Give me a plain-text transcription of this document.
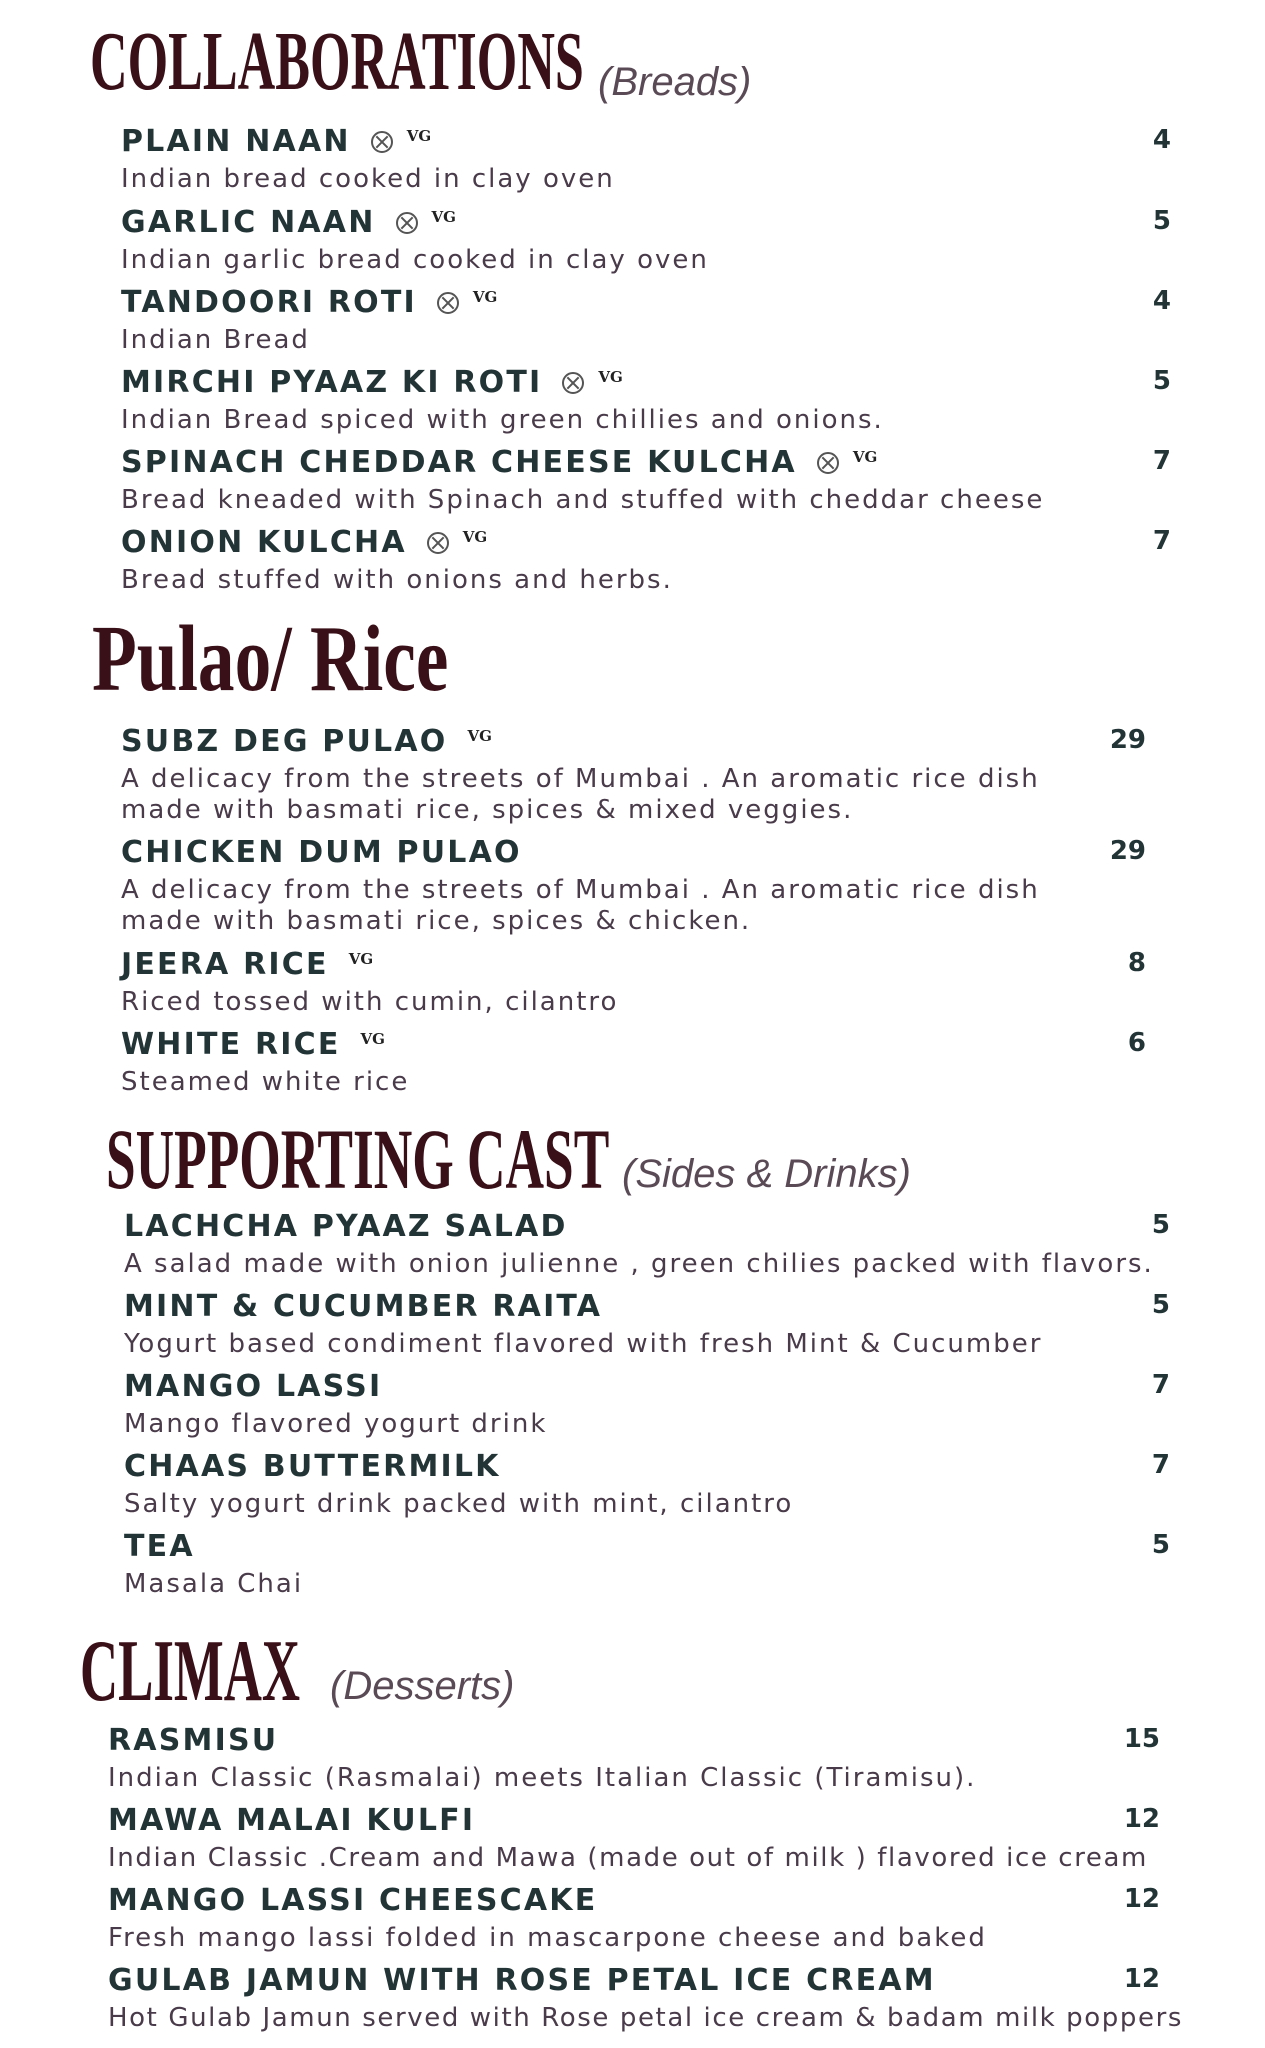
COLLABORATIONS (Breads)
PLAIN NAAN	VG
Indian bread cooked in clay oven
4
GARLIC NAAN	VG
Indian garlic bread cooked in clay oven
5
TANDOORI ROTI	VG
Indian Bread
4
MIRCHI PYAAZ KI ROTI	VG
Indian Bread spiced with green chillies and onions.
5
SPINACH CHEDDAR CHEESE KULCHA	VG
Bread kneaded with Spinach and stuffed with cheddar cheese
7
ONION KULCHA	VG
Bread stuffed with onions and herbs.
7
Pulao/ Rice
SUBZ DEG PULAO VG
A delicacy from the streets of Mumbai . An aromatic rice dish made with basmati rice, spices & mixed veggies.
29
CHICKEN DUM PULAO
A delicacy from the streets of Mumbai . An aromatic rice dish made with basmati rice, spices & chicken.
29
JEERA RICE VG
Riced tossed with cumin, cilantro
8
WHITE RICE VG
Steamed white rice
6
SUPPORTING CAST (Sides & Drinks)
LACHCHA PYAAZ SALAD
A salad made with onion julienne , green chilies packed with flavors.
5
MINT & CUCUMBER RAITA
Yogurt based condiment flavored with fresh Mint & Cucumber
5
MANGO LASSI
Mango flavored yogurt drink
7
CHAAS BUTTERMILK
Salty yogurt drink packed with mint, cilantro
7
TEA
Masala Chai
5
CLIMAX (Desserts)
RASMISU
Indian Classic (Rasmalai) meets Italian Classic (Tiramisu).
15
MAWA MALAI KULFI
Indian Classic .Cream and Mawa (made out of milk ) flavored ice cream
12
MANGO LASSI CHEESCAKE
Fresh mango lassi folded in mascarpone cheese and baked
12
GULAB JAMUN WITH ROSE PETAL ICE CREAM
Hot Gulab Jamun served with Rose petal ice cream & badam milk poppers
12
